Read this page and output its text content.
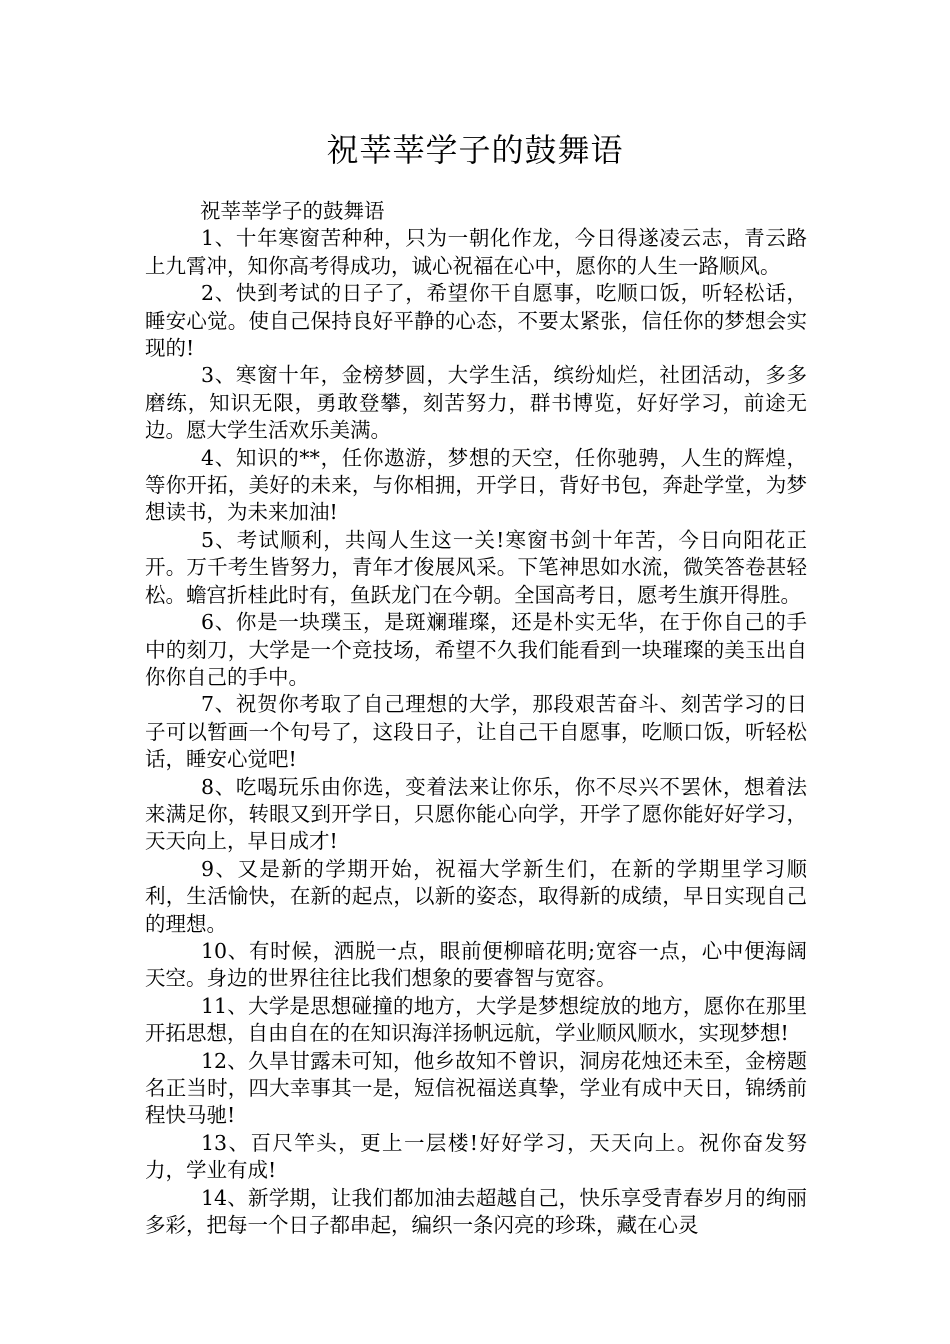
祝莘莘学子的鼓舞语

祝莘莘学子的鼓舞语

1、十年寒窗苦种种，只为一朝化作龙，今日得遂凌云志，青云路上九霄冲，知你高考得成功，诚心祝福在心中，愿你的人生一路顺风。

2、快到考试的日子了，希望你干自愿事，吃顺口饭，听轻松话，睡安心觉。使自己保持良好平静的心态，不要太紧张，信任你的梦想会实现的!

3、寒窗十年，金榜梦圆，大学生活，缤纷灿烂，社团活动，多多磨练，知识无限，勇敢登攀，刻苦努力，群书博览，好好学习，前途无边。愿大学生活欢乐美满。

4、知识的**，任你遨游，梦想的天空，任你驰骋，人生的辉煌，等你开拓，美好的未来，与你相拥，开学日，背好书包，奔赴学堂，为梦想读书，为未来加油!

5、考试顺利，共闯人生这一关!寒窗书剑十年苦，今日向阳花正开。万千考生皆努力，青年才俊展风采。下笔神思如水流，微笑答卷甚轻松。蟾宫折桂此时有，鱼跃龙门在今朝。全国高考日，愿考生旗开得胜。

6、你是一块璞玉，是斑斓璀璨，还是朴实无华，在于你自己的手中的刻刀，大学是一个竞技场，希望不久我们能看到一块璀璨的美玉出自你你自己的手中。

7、祝贺你考取了自己理想的大学，那段艰苦奋斗、刻苦学习的日子可以暂画一个句号了，这段日子，让自己干自愿事，吃顺口饭，听轻松话，睡安心觉吧!

8、吃喝玩乐由你选，变着法来让你乐，你不尽兴不罢休，想着法来满足你，转眼又到开学日，只愿你能心向学，开学了愿你能好好学习，天天向上，早日成才!

9、又是新的学期开始，祝福大学新生们，在新的学期里学习顺利，生活愉快，在新的起点，以新的姿态，取得新的成绩，早日实现自己的理想。

10、有时候，洒脱一点，眼前便柳暗花明;宽容一点，心中便海阔天空。身边的世界往往比我们想象的要睿智与宽容。

11、大学是思想碰撞的地方，大学是梦想绽放的地方，愿你在那里开拓思想，自由自在的在知识海洋扬帆远航，学业顺风顺水，实现梦想!

12、久旱甘露未可知，他乡故知不曾识，洞房花烛还未至，金榜题名正当时，四大幸事其一是，短信祝福送真挚，学业有成中天日，锦绣前程快马驰!

13、百尺竿头，更上一层楼!好好学习，天天向上。祝你奋发努力，学业有成!

14、新学期，让我们都加油去超越自己，快乐享受青春岁月的绚丽多彩，把每一个日子都串起，编织一条闪亮的珍珠，藏在心灵
